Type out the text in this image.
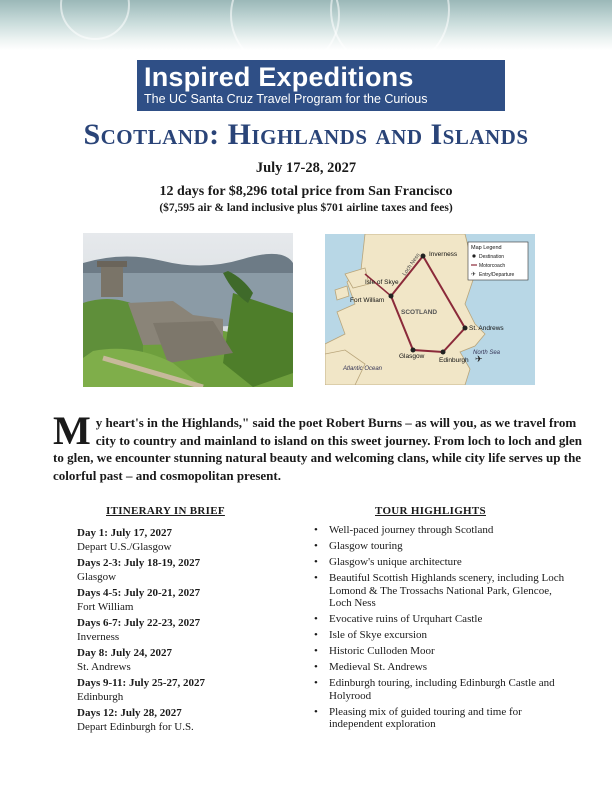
Inspired Expeditions
The UC Santa Cruz Travel Program for the Curious
Scotland: Highlands and Islands
July 17-28, 2027
12 days for $8,296 total price from San Francisco
($7,595 air & land inclusive plus $701 airline taxes and fees)
Inverness
Isle of Skye
Loch Ness
Fort William
SCOTLAND
St. Andrews
Glasgow
Edinburgh
North Sea
Atlantic Ocean
✈
Map Legend
Destination
Motorcoach
✈ Entry/Departure
My heart's in the Highlands," said the poet Robert Burns – as will you, as we travel from city to country and mainland to island on this sweet journey. From loch to loch and glen to glen, we encounter stunning natural beauty and welcoming clans, while city life serves up the colorful past – and cosmopolitan present.
ITINERARY IN BRIEF	TOUR HIGHLIGHTS
Day 1: July 17, 2027
Depart U.S./Glasgow
Days 2-3: July 18-19, 2027
Glasgow
Days 4-5: July 20-21, 2027
Fort William
Days 6-7: July 22-23, 2027
Inverness
Day 8: July 24, 2027
St. Andrews
Days 9-11: July 25-27, 2027
Edinburgh
Days 12: July 28, 2027
Depart Edinburgh for U.S.
• Well-paced journey through Scotland
• Glasgow touring
• Glasgow's unique architecture
• Beautiful Scottish Highlands scenery, including Loch Lomond & The Trossachs National Park, Glencoe, Loch Ness
• Evocative ruins of Urquhart Castle
• Isle of Skye excursion
• Historic Culloden Moor
• Medieval St. Andrews
• Edinburgh touring, including Edinburgh Castle and Holyrood
• Pleasing mix of guided touring and time for independent exploration
